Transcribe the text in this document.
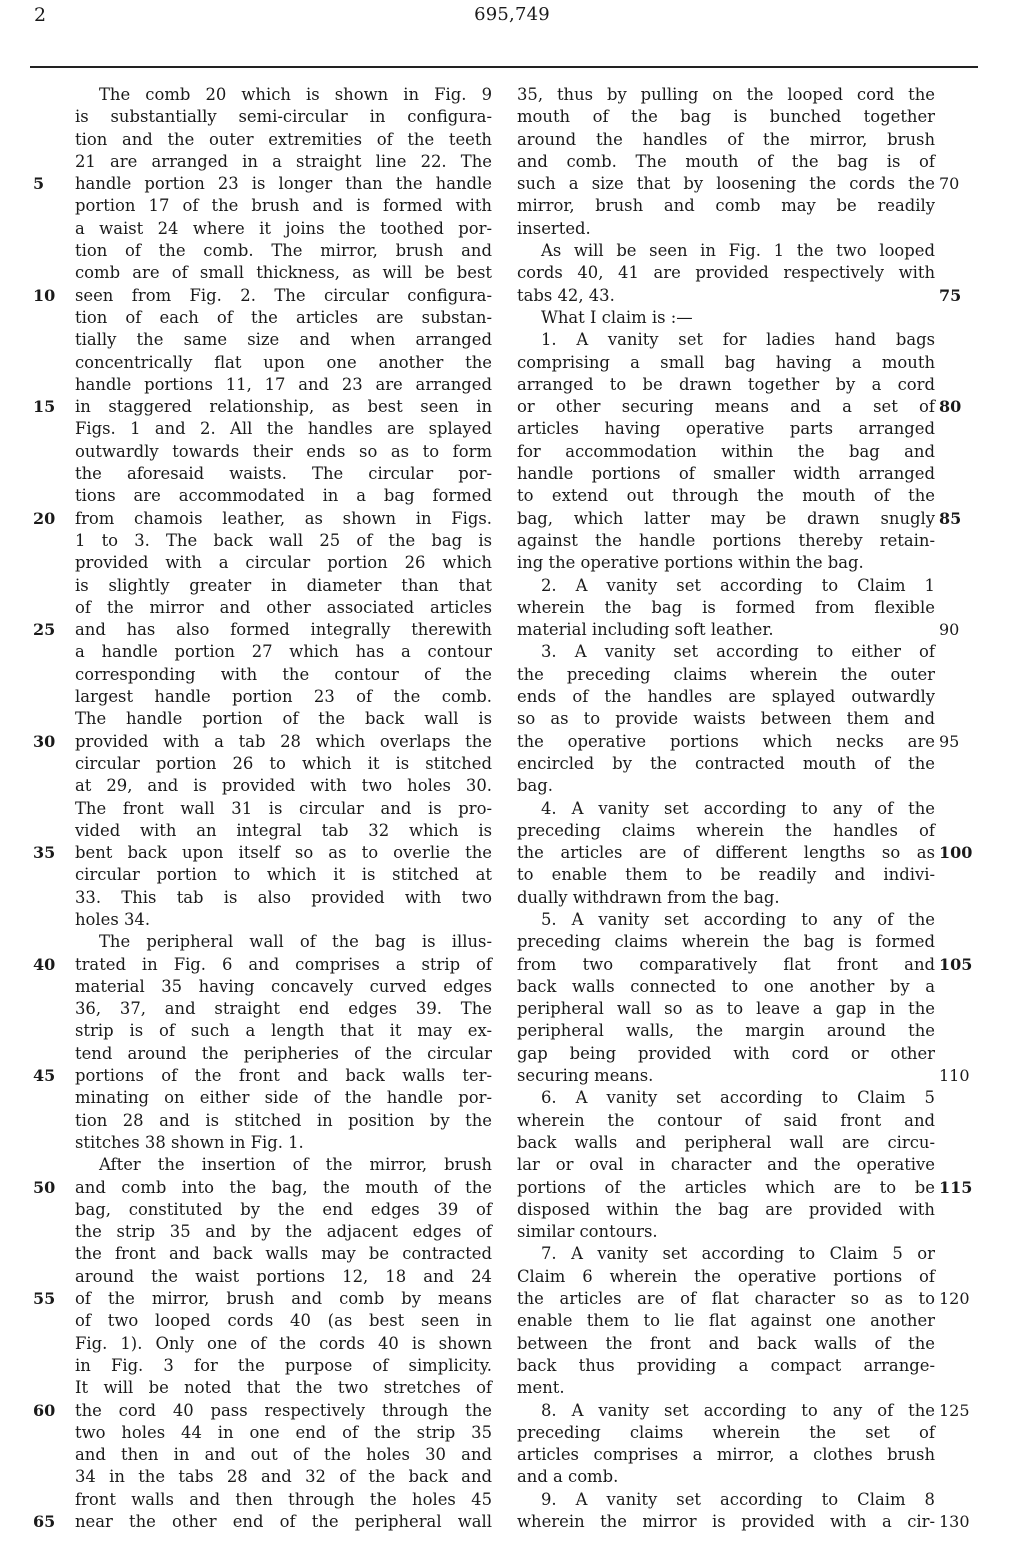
2	695,749
The comb 20 which is shown in Fig. 9
is substantially semi-circular in configura-
tion and the outer extremities of the teeth
21 are arranged in a straight line 22. The
handle portion 23 is longer than the handle
5
portion 17 of the brush and is formed with
a waist 24 where it joins the toothed por-
tion of the comb. The mirror, brush and
comb are of small thickness, as will be best
seen from Fig. 2. The circular configura-
10
tion of each of the articles are substan-
tially the same size and when arranged
concentrically flat upon one another the
handle portions 11, 17 and 23 are arranged
in staggered relationship, as best seen in
15
Figs. 1 and 2. All the handles are splayed
outwardly towards their ends so as to form
the aforesaid waists. The circular por-
tions are accommodated in a bag formed
from chamois leather, as shown in Figs.
20
1 to 3. The back wall 25 of the bag is
provided with a circular portion 26 which
is slightly greater in diameter than that
of the mirror and other associated articles
and has also formed integrally therewith
25
a handle portion 27 which has a contour
corresponding with the contour of the
largest handle portion 23 of the comb.
The handle portion of the back wall is
provided with a tab 28 which overlaps the
30
circular portion 26 to which it is stitched
at 29, and is provided with two holes 30.
The front wall 31 is circular and is pro-
vided with an integral tab 32 which is
bent back upon itself so as to overlie the
35
circular portion to which it is stitched at
33. This tab is also provided with two
holes 34.
The peripheral wall of the bag is illus-
trated in Fig. 6 and comprises a strip of
40
material 35 having concavely curved edges
36, 37, and straight end edges 39. The
strip is of such a length that it may ex-
tend around the peripheries of the circular
portions of the front and back walls ter-
45
minating on either side of the handle por-
tion 28 and is stitched in position by the
stitches 38 shown in Fig. 1.
After the insertion of the mirror, brush
and comb into the bag, the mouth of the
50
bag, constituted by the end edges 39 of
the strip 35 and by the adjacent edges of
the front and back walls may be contracted
around the waist portions 12, 18 and 24
of the mirror, brush and comb by means
55
of two looped cords 40 (as best seen in
Fig. 1). Only one of the cords 40 is shown
in Fig. 3 for the purpose of simplicity.
It will be noted that the two stretches of
the cord 40 pass respectively through the
60
two holes 44 in one end of the strip 35
and then in and out of the holes 30 and
34 in the tabs 28 and 32 of the back and
front walls and then through the holes 45
near the other end of the peripheral wall
65
35, thus by pulling on the looped cord the
mouth of the bag is bunched together
around the handles of the mirror, brush
and comb. The mouth of the bag is of
such a size that by loosening the cords the 70
mirror, brush and comb may be readily
inserted.
As will be seen in Fig. 1 the two looped
cords 40, 41 are provided respectively with
tabs 42, 43.	75
What I claim is :—
1. A vanity set for ladies hand bags
comprising a small bag having a mouth
arranged to be drawn together by a cord
or other securing means and a set of 80
articles having operative parts arranged
for accommodation within the bag and
handle portions of smaller width arranged
to extend out through the mouth of the
bag, which latter may be drawn snugly 85
against the handle portions thereby retain-
ing the operative portions within the bag.
2. A vanity set according to Claim 1
wherein the bag is formed from flexible
material including soft leather.	90
3. A vanity set according to either of
the preceding claims wherein the outer
ends of the handles are splayed outwardly
so as to provide waists between them and
the operative portions which necks are 95
encircled by the contracted mouth of the
bag.
4. A vanity set according to any of the
preceding claims wherein the handles of
the articles are of different lengths so as 100
to enable them to be readily and indivi-
dually withdrawn from the bag.
5. A vanity set according to any of the
preceding claims wherein the bag is formed
from two comparatively flat front and 105
back walls connected to one another by a
peripheral wall so as to leave a gap in the
peripheral walls, the margin around the
gap being provided with cord or other
securing means.	110
6. A vanity set according to Claim 5
wherein the contour of said front and
back walls and peripheral wall are circu-
lar or oval in character and the operative
portions of the articles which are to be 115
disposed within the bag are provided with
similar contours.
7. A vanity set according to Claim 5 or
Claim 6 wherein the operative portions of
the articles are of flat character so as to 120
enable them to lie flat against one another
between the front and back walls of the
back thus providing a compact arrange-
ment.
8. A vanity set according to any of the 125
preceding claims wherein the set of
articles comprises a mirror, a clothes brush
and a comb.
9. A vanity set according to Claim 8
wherein the mirror is provided with a cir- 130
